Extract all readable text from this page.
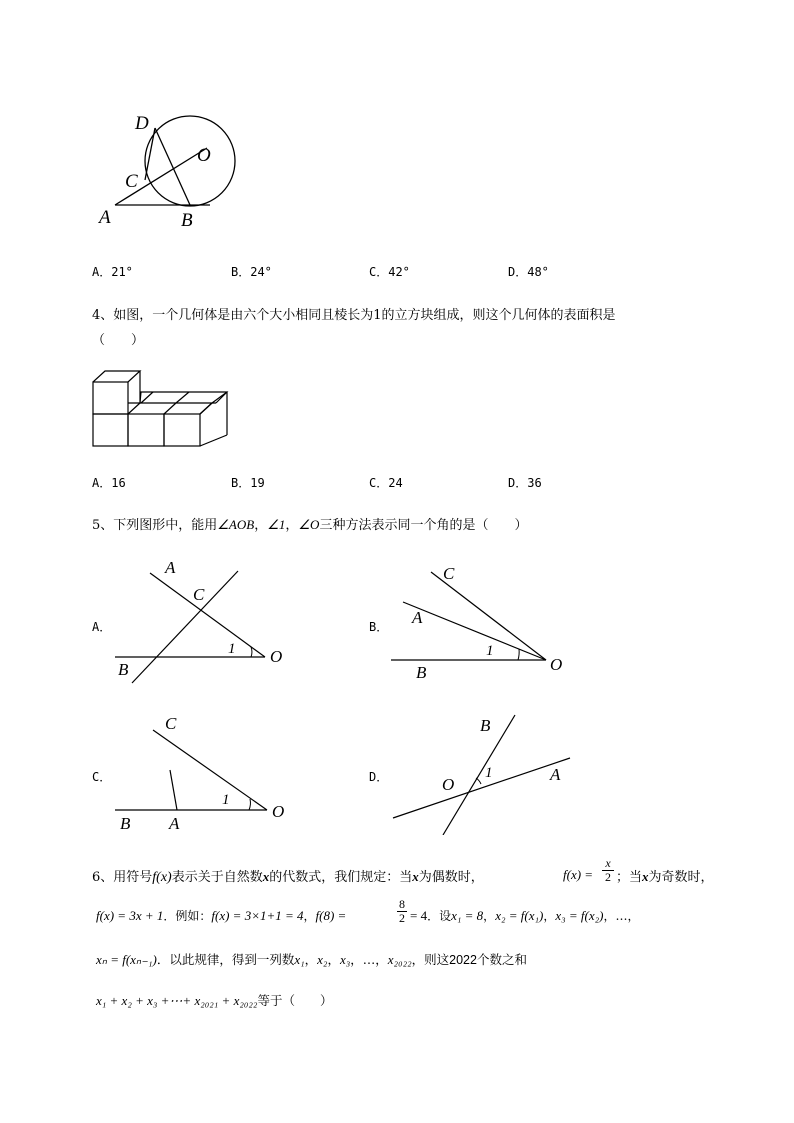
D
O
C
A	B
A．21°	B．24°	C．42°	D．48°
4、如图，一个几何体是由六个大小相同且棱长为1的立方块组成，则这个几何体的表面积是
（　　）
A．16	B．19	C．24	D．36
5、下列图形中，能用∠AOB，∠1，∠O三种方法表示同一个角的是（　　）
A．
A
C
B
O
1
B．
C
A
B	O
1
C．
C
B A
O
1
D．
B
O
A
1
6、用符号f(x)表示关于自然数x的代数式，我们规定：当x为偶数时，	$f(x) = \frac{x}{2}$ ；当x为奇数时，
f(x) = 3x + 1．例如：f(x) = 3×1+1 = 4，f(8) =	$\frac{8}{2} = 4$．设x₁ = 8，x₂ = f(x₁)，x₃ = f(x₂)，…，
xₙ = f(xₙ₋₁)．以此规律，得到一列数x₁，x₂，x₃，…，x₂₀₂₂，则这2022个数之和
x₁ + x₂ + x₃ +⋯+ x₂₀₂₁ + x₂₀₂₂等于（　　）
